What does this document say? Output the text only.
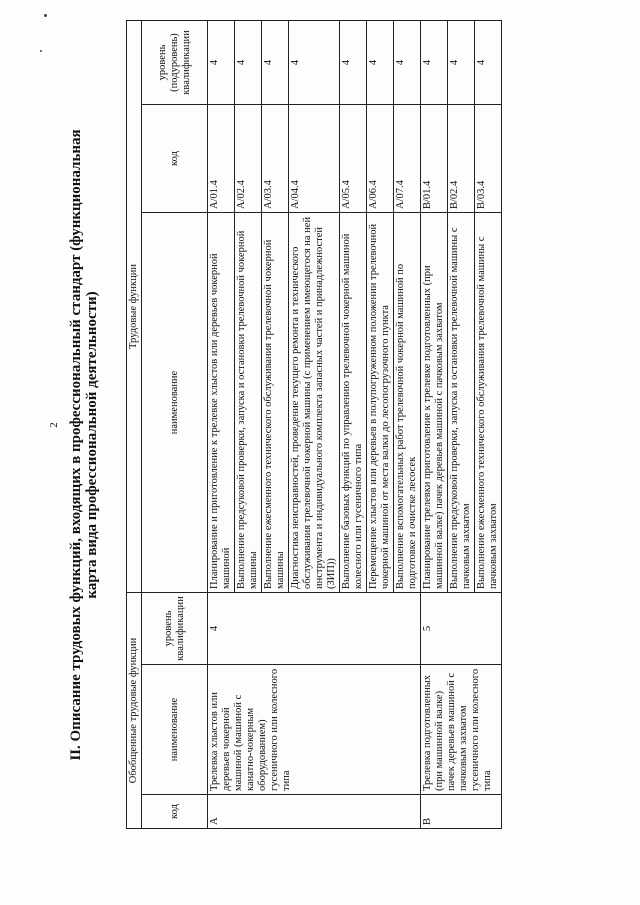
2 II. Описание трудовых функций, входящих в профессиональный стандарт (функциональная карта вида профессиональной деятельности)
Обобщенные трудовые функции			Трудовые функции		
код	наименование	уровень квалификации	наименование	код	уровень (подуровень) квалификации
A	Трелевка хлыстов или деревьев чокерной машиной (машиной с канатно-чокерным оборудованием) гусеничного или колесного типа	4	Планирование и приготовление к трелевке хлыстов или деревьев чокерной машиной	A/01.4	4
			Выполнение предсуковой проверки, запуска и остановки трелевочной чокерной машины	A/02.4	4
			Выполнение ежесменного технического обслуживания трелевочной чокерной машины	A/03.4	4
			Диагностика неисправностей, проведение текущего ремонта и технического обслуживания трелевочной чокерной машины (с применением имеющегося на ней инструмента и индивидуального комплекта запасных частей и принадлежностей (ЗИП))	A/04.4	4
			Выполнение базовых функций по управлению трелевочной чокерной машиной колесного или гусеничного типа	A/05.4	4
			Перемещение хлыстов или деревьев в полупогруженном положении трелевочной чокерной машиной от места валки до лесопогрузочного пункта	A/06.4	4
			Выполнение вспомогательных работ трелевочной чокерной машиной по подготовке и очистке лесосек	A/07.4	4
B	Трелевка подготовленных (при машинной валке) пачек деревьев машиной с пачковым захватом гусеничного или колесного типа	5	Планирование трелевки приготовление к трелевке подготовленных (при машинной валке) пачек деревьев машиной с пачковым захватом	B/01.4	4
			Выполнение предсуковой проверки, запуска и остановки трелевочной машины с пачковым захватом	B/02.4	4
			Выполнение ежесменного технического обслуживания трелевочной машины с пачковым захватом	B/03.4	4
